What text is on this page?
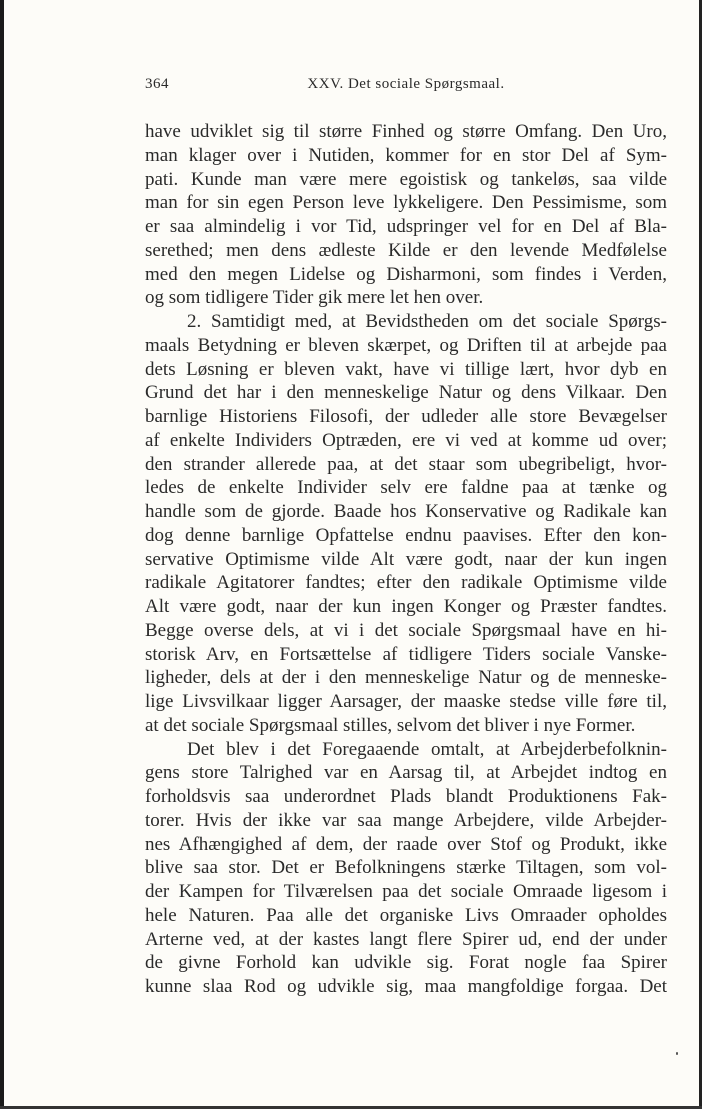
364	XXV. Det sociale Spørgsmaal.
have udviklet sig til større Finhed og større Omfang. Den Uro,
man klager over i Nutiden, kommer for en stor Del af Sym-
pati. Kunde man være mere egoistisk og tankeløs, saa vilde
man for sin egen Person leve lykkeligere. Den Pessimisme, som
er saa almindelig i vor Tid, udspringer vel for en Del af Bla-
serethed; men dens ædleste Kilde er den levende Medfølelse
med den megen Lidelse og Disharmoni, som findes i Verden,
og som tidligere Tider gik mere let hen over.
2. Samtidigt med, at Bevidstheden om det sociale Spørgs-
maals Betydning er bleven skærpet, og Driften til at arbejde paa
dets Løsning er bleven vakt, have vi tillige lært, hvor dyb en
Grund det har i den menneskelige Natur og dens Vilkaar. Den
barnlige Historiens Filosofi, der udleder alle store Bevægelser
af enkelte Individers Optræden, ere vi ved at komme ud over;
den strander allerede paa, at det staar som ubegribeligt, hvor-
ledes de enkelte Individer selv ere faldne paa at tænke og
handle som de gjorde. Baade hos Konservative og Radikale kan
dog denne barnlige Opfattelse endnu paavises. Efter den kon-
servative Optimisme vilde Alt være godt, naar der kun ingen
radikale Agitatorer fandtes; efter den radikale Optimisme vilde
Alt være godt, naar der kun ingen Konger og Præster fandtes.
Begge overse dels, at vi i det sociale Spørgsmaal have en hi-
storisk Arv, en Fortsættelse af tidligere Tiders sociale Vanske-
ligheder, dels at der i den menneskelige Natur og de menneske-
lige Livsvilkaar ligger Aarsager, der maaske stedse ville føre til,
at det sociale Spørgsmaal stilles, selvom det bliver i nye Former.
Det blev i det Foregaaende omtalt, at Arbejderbefolknin-
gens store Talrighed var en Aarsag til, at Arbejdet indtog en
forholdsvis saa underordnet Plads blandt Produktionens Fak-
torer. Hvis der ikke var saa mange Arbejdere, vilde Arbejder-
nes Afhængighed af dem, der raade over Stof og Produkt, ikke
blive saa stor. Det er Befolkningens stærke Tiltagen, som vol-
der Kampen for Tilværelsen paa det sociale Omraade ligesom i
hele Naturen. Paa alle det organiske Livs Omraader opholdes
Arterne ved, at der kastes langt flere Spirer ud, end der under
de givne Forhold kan udvikle sig. Forat nogle faa Spirer
kunne slaa Rod og udvikle sig, maa mangfoldige forgaa. Det
